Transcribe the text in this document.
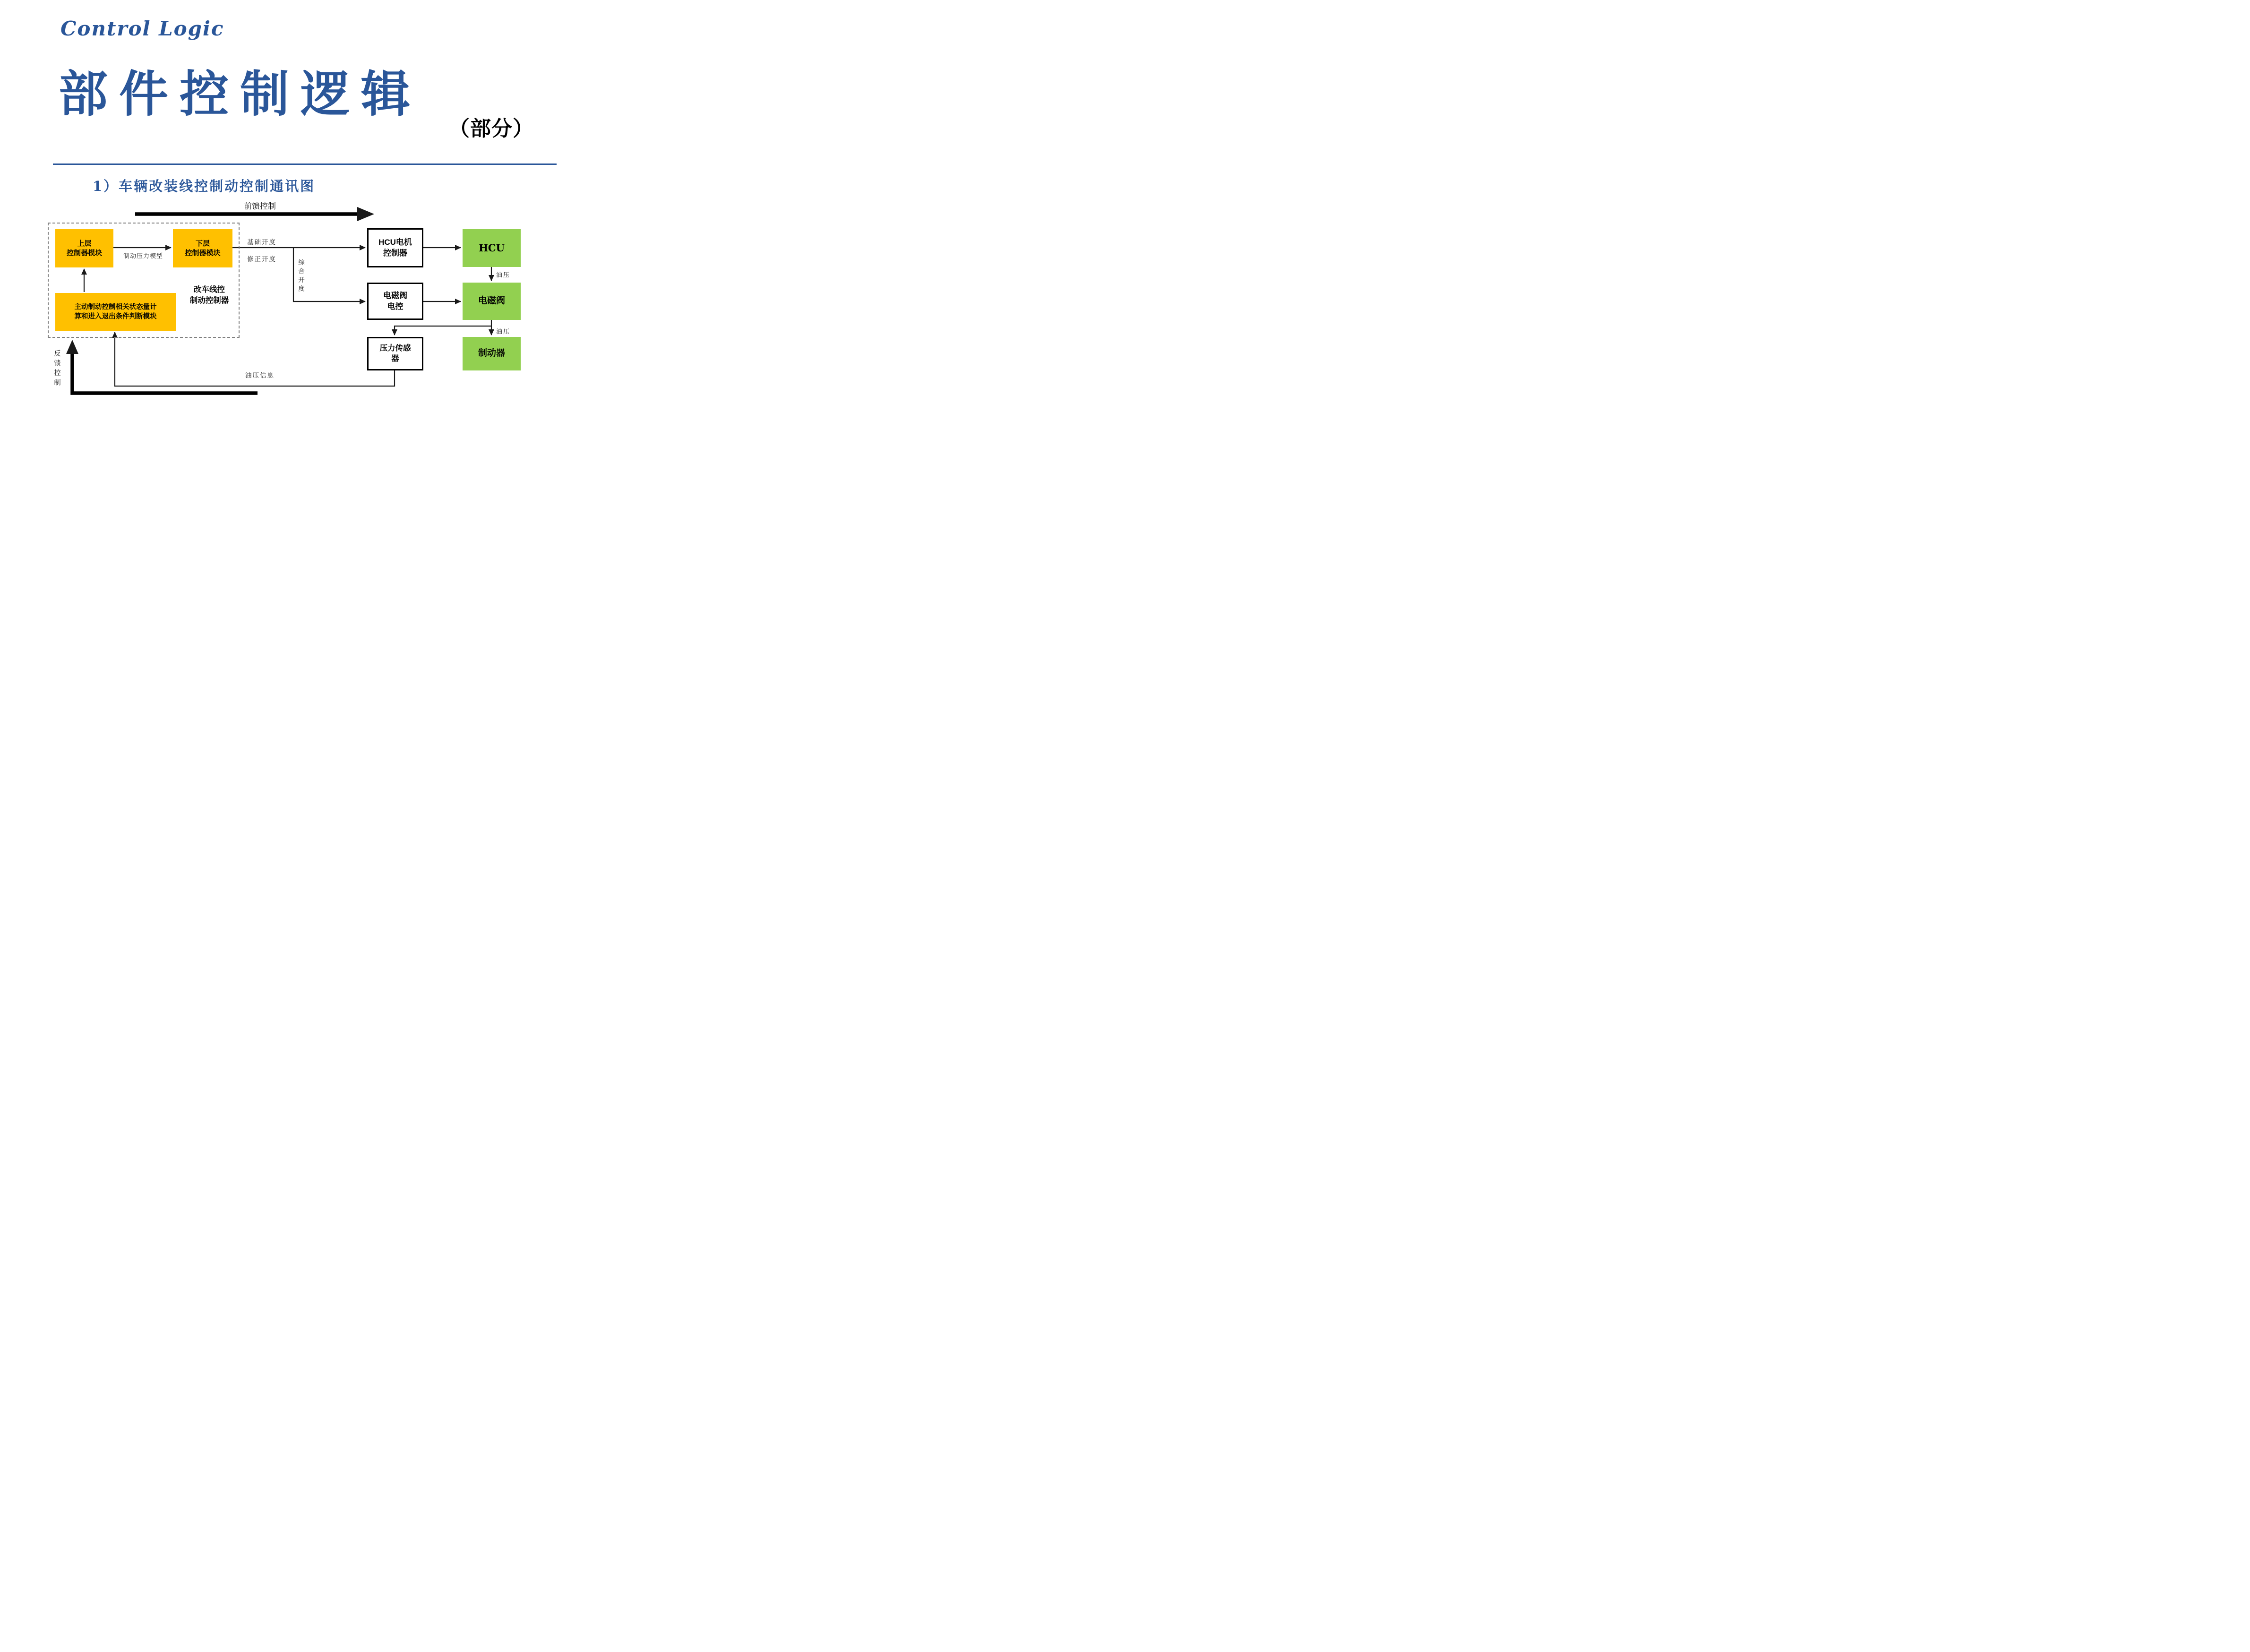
Control Logic
部件控制逻辑
（部分）
1）车辆改装线控制动控制通讯图
改车线控
制动控制器
上层
控制器模块
下层
控制器模块
主动制动控制相关状态量计
算和进入退出条件判断模块
HCU电机
控制器	HCU
电磁阀
电控
电磁阀
压力传感
器
制动器
前馈控制
制动压力模型
基础开度
修正开度	综合开度	油压
油压
油压信息
反馈控制
